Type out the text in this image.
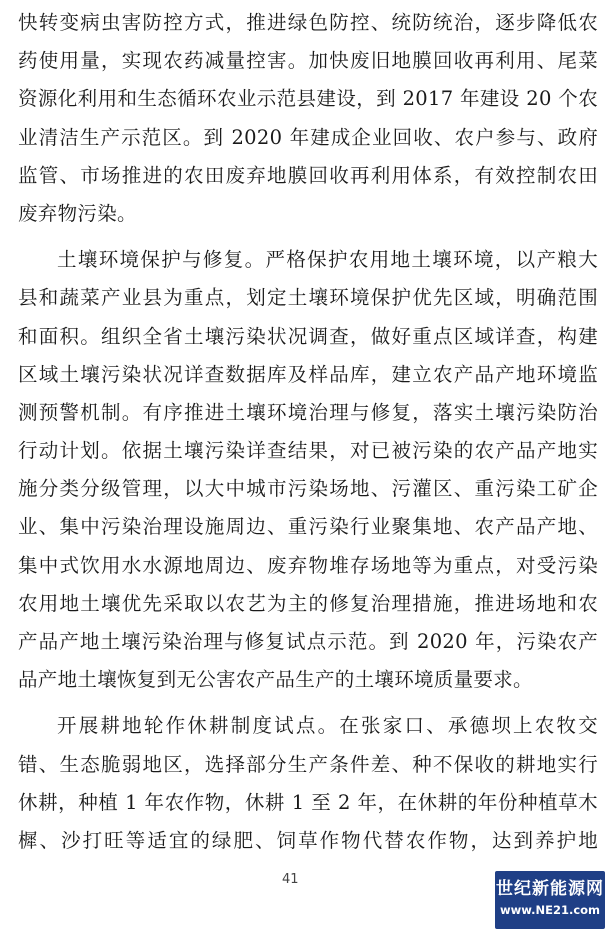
快转变病虫害防控方式，推进绿色防控、统防统治，逐步降低农
药使用量，实现农药减量控害。加快废旧地膜回收再利用、尾菜
资源化利用和生态循环农业示范县建设，到 2017 年建设 20 个农
业清洁生产示范区。到 2020 年建成企业回收、农户参与、政府
监管、市场推进的农田废弃地膜回收再利用体系，有效控制农田
废弃物污染。
土壤环境保护与修复。严格保护农用地土壤环境，以产粮大
县和蔬菜产业县为重点，划定土壤环境保护优先区域，明确范围
和面积。组织全省土壤污染状况调查，做好重点区域详查，构建
区域土壤污染状况详查数据库及样品库，建立农产品产地环境监
测预警机制。有序推进土壤环境治理与修复，落实土壤污染防治
行动计划。依据土壤污染详查结果，对已被污染的农产品产地实
施分类分级管理，以大中城市污染场地、污灌区、重污染工矿企
业、集中污染治理设施周边、重污染行业聚集地、农产品产地、
集中式饮用水水源地周边、废弃物堆存场地等为重点，对受污染
农用地土壤优先采取以农艺为主的修复治理措施，推进场地和农
产品产地土壤污染治理与修复试点示范。到 2020 年，污染农产
品产地土壤恢复到无公害农产品生产的土壤环境质量要求。
开展耕地轮作休耕制度试点。在张家口、承德坝上农牧交
错、生态脆弱地区，选择部分生产条件差、种不保收的耕地实行
休耕，种植 1 年农作物，休耕 1 至 2 年，在休耕的年份种植草木
樨、沙打旺等适宜的绿肥、饲草作物代替农作物，达到养护地
41	世纪新能源网
www.NE21.com
